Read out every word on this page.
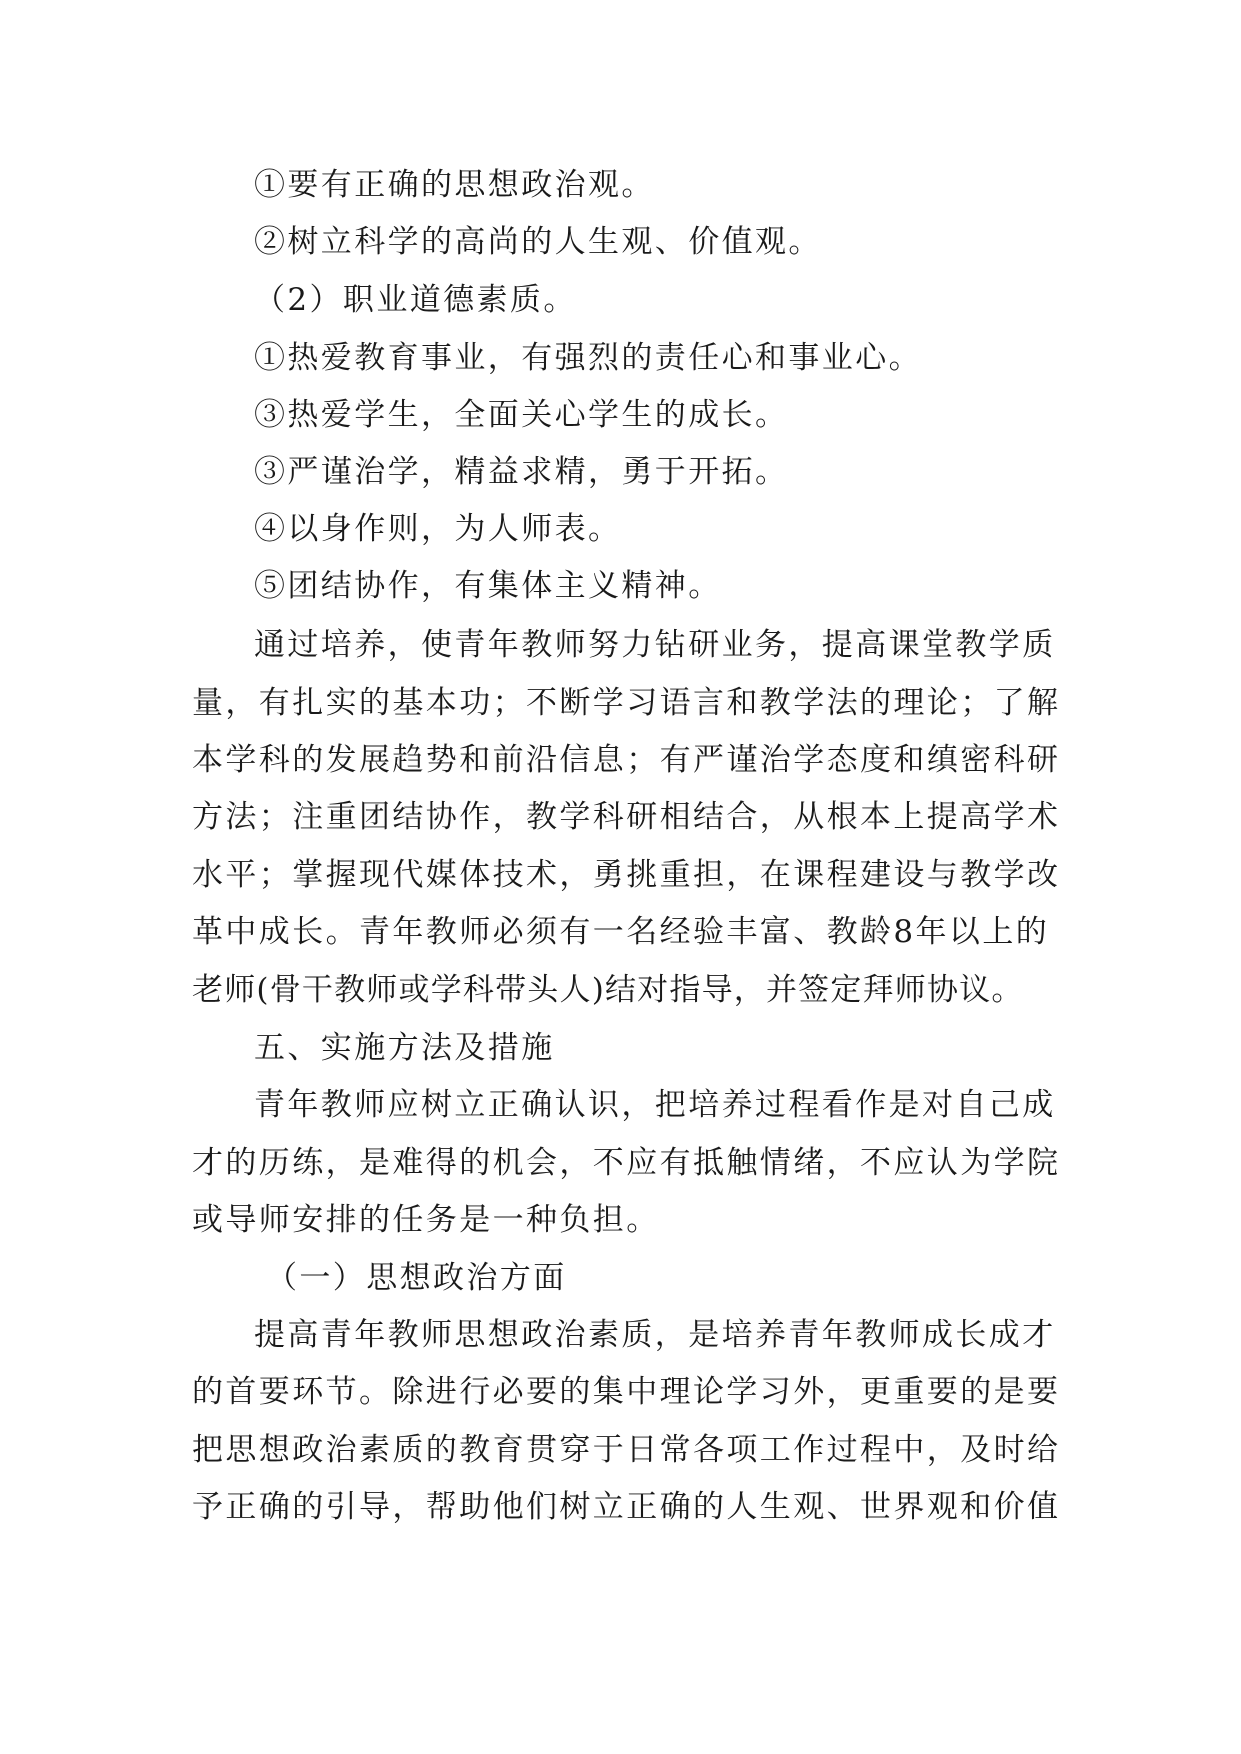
①要有正确的思想政治观。
②树立科学的高尚的人生观、价值观。
（2）职业道德素质。
①热爱教育事业，有强烈的责任心和事业心。
③热爱学生，全面关心学生的成长。
③严谨治学，精益求精，勇于开拓。
④以身作则，为人师表。
⑤团结协作，有集体主义精神。
通过培养，使青年教师努力钻研业务，提高课堂教学质
量，有扎实的基本功；不断学习语言和教学法的理论；了解
本学科的发展趋势和前沿信息；有严谨治学态度和缜密科研
方法；注重团结协作，教学科研相结合，从根本上提高学术
水平；掌握现代媒体技术，勇挑重担，在课程建设与教学改
革中成长。青年教师必须有一名经验丰富、教龄8年以上的
老师(骨干教师或学科带头人)结对指导，并签定拜师协议。
五、实施方法及措施
青年教师应树立正确认识，把培养过程看作是对自己成
才的历练，是难得的机会，不应有抵触情绪，不应认为学院
或导师安排的任务是一种负担。
（一）思想政治方面
提高青年教师思想政治素质，是培养青年教师成长成才
的首要环节。除进行必要的集中理论学习外，更重要的是要
把思想政治素质的教育贯穿于日常各项工作过程中，及时给
予正确的引导，帮助他们树立正确的人生观、世界观和价值
